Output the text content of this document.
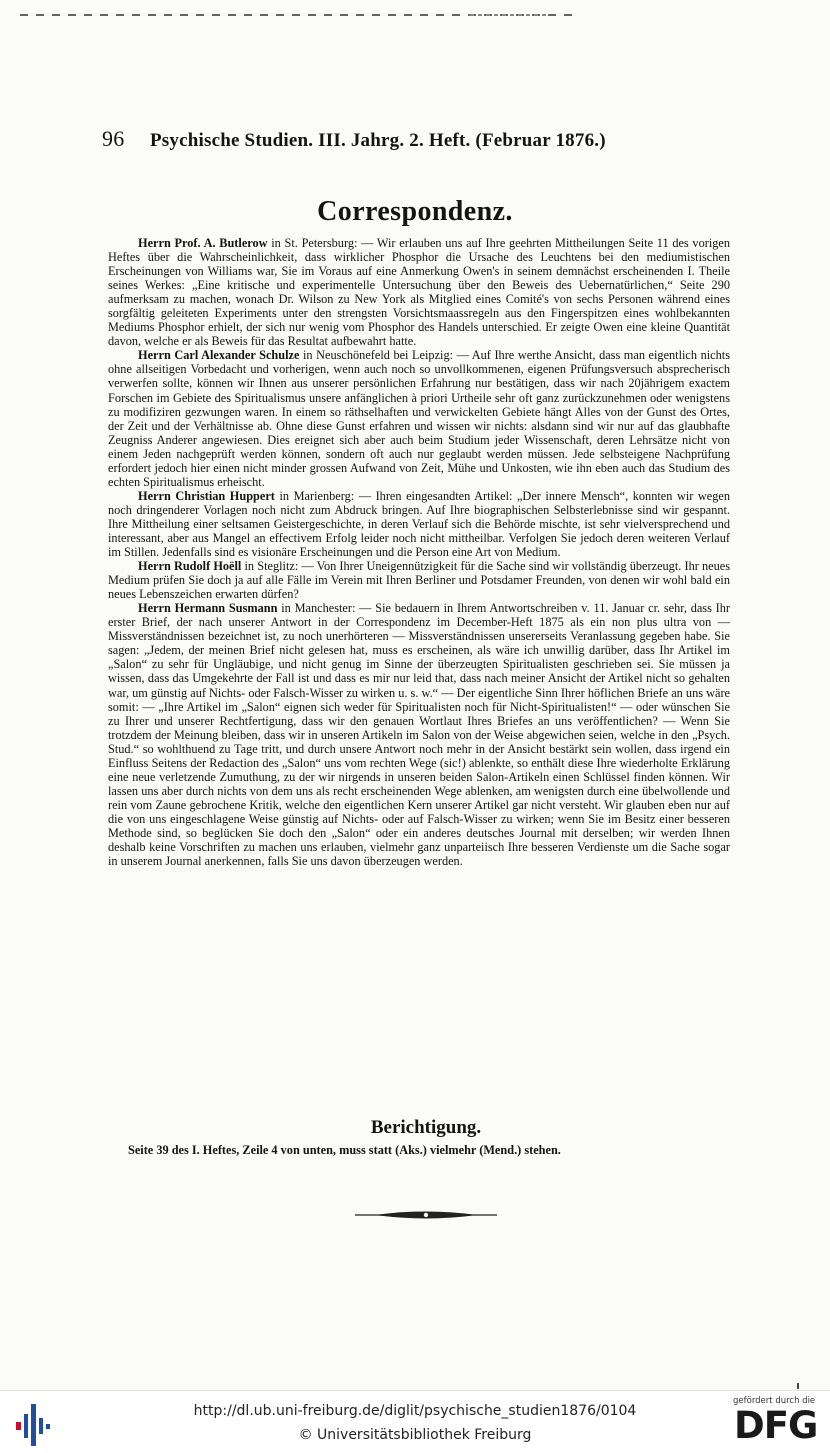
96	Psychische Studien. III. Jahrg. 2. Heft. (Februar 1876.)
Correspondenz.

Herrn Prof. A. Butlerow in St. Petersburg: — Wir erlauben uns auf Ihre geehrten Mittheilungen Seite 11 des vorigen Heftes über die Wahrscheinlichkeit, dass wirklicher Phosphor die Ursache des Leuchtens bei den mediumistischen Erscheinungen von Williams war, Sie im Voraus auf eine Anmerkung Owen's in seinem demnächst erscheinenden I. Theile seines Werkes: „Eine kritische und experimentelle Untersuchung über den Beweis des Uebernatürlichen,“ Seite 290 aufmerksam zu machen, wonach Dr. Wilson zu New York als Mitglied eines Comité's von sechs Personen während eines sorgfältig geleiteten Experiments unter den strengsten Vorsichtsmaassregeln aus den Fingerspitzen eines wohlbekannten Mediums Phosphor erhielt, der sich nur wenig vom Phosphor des Handels unterschied. Er zeigte Owen eine kleine Quantität davon, welche er als Beweis für das Resultat aufbewahrt hatte.

Herrn Carl Alexander Schulze in Neuschönefeld bei Leipzig: — Auf Ihre werthe Ansicht, dass man eigentlich nichts ohne allseitigen Vorbedacht und vorherigen, wenn auch noch so unvollkommenen, eigenen Prüfungsversuch absprecherisch verwerfen sollte, können wir Ihnen aus unserer persönlichen Erfahrung nur bestätigen, dass wir nach 20jährigem exactem Forschen im Gebiete des Spiritualismus unsere anfänglichen à priori Urtheile sehr oft ganz zurückzunehmen oder wenigstens zu modifiziren gezwungen waren. In einem so räthselhaften und verwickelten Gebiete hängt Alles von der Gunst des Ortes, der Zeit und der Verhältnisse ab. Ohne diese Gunst erfahren und wissen wir nichts: alsdann sind wir nur auf das glaubhafte Zeugniss Anderer angewiesen. Dies ereignet sich aber auch beim Studium jeder Wissenschaft, deren Lehrsätze nicht von einem Jeden nachgeprüft werden können, sondern oft auch nur geglaubt werden müssen. Jede selbsteigene Nachprüfung erfordert jedoch hier einen nicht minder grossen Aufwand von Zeit, Mühe und Unkosten, wie ihn eben auch das Studium des echten Spiritualismus erheischt.

Herrn Christian Huppert in Marienberg: — Ihren eingesandten Artikel: „Der innere Mensch“, konnten wir wegen noch dringenderer Vorlagen noch nicht zum Abdruck bringen. Auf Ihre biographischen Selbsterlebnisse sind wir gespannt. Ihre Mittheilung einer seltsamen Geistergeschichte, in deren Verlauf sich die Behörde mischte, ist sehr vielversprechend und interessant, aber aus Mangel an effectivem Erfolg leider noch nicht mittheilbar. Verfolgen Sie jedoch deren weiteren Verlauf im Stillen. Jedenfalls sind es visionäre Erscheinungen und die Person eine Art von Medium.

Herrn Rudolf Hoëll in Steglitz: — Von Ihrer Uneigennützigkeit für die Sache sind wir vollständig überzeugt. Ihr neues Medium prüfen Sie doch ja auf alle Fälle im Verein mit Ihren Berliner und Potsdamer Freunden, von denen wir wohl bald ein neues Lebenszeichen erwarten dürfen?

Herrn Hermann Susmann in Manchester: — Sie bedauern in Ihrem Antwortschreiben v. 11. Januar cr. sehr, dass Ihr erster Brief, der nach unserer Antwort in der Correspondenz im December-Heft 1875 als ein non plus ultra von — Missverständnissen bezeichnet ist, zu noch unerhörteren — Missverständnissen unsererseits Veranlassung gegeben habe. Sie sagen: „Jedem, der meinen Brief nicht gelesen hat, muss es erscheinen, als wäre ich unwillig darüber, dass Ihr Artikel im „Salon“ zu sehr für Ungläubige, und nicht genug im Sinne der überzeugten Spiritualisten geschrieben sei. Sie müssen ja wissen, dass das Umgekehrte der Fall ist und dass es mir nur leid that, dass nach meiner Ansicht der Artikel nicht so gehalten war, um günstig auf Nichts- oder Falsch-Wisser zu wirken u. s. w.“ — Der eigentliche Sinn Ihrer höflichen Briefe an uns wäre somit: — „Ihre Artikel im „Salon“ eignen sich weder für Spiritualisten noch für Nicht-Spiritualisten!“ — oder wünschen Sie zu Ihrer und unserer Rechtfertigung, dass wir den genauen Wortlaut Ihres Briefes an uns veröffentlichen? — Wenn Sie trotzdem der Meinung bleiben, dass wir in unseren Artikeln im Salon von der Weise abgewichen seien, welche in den „Psych. Stud.“ so wohlthuend zu Tage tritt, und durch unsere Antwort noch mehr in der Ansicht bestärkt sein wollen, dass irgend ein Einfluss Seitens der Redaction des „Salon“ uns vom rechten Wege (sic!) ablenkte, so enthält diese Ihre wiederholte Erklärung eine neue verletzende Zumuthung, zu der wir nirgends in unseren beiden Salon-Artikeln einen Schlüssel finden können. Wir lassen uns aber durch nichts von dem uns als recht erscheinenden Wege ablenken, am wenigsten durch eine übelwollende und rein vom Zaune gebrochene Kritik, welche den eigentlichen Kern unserer Artikel gar nicht versteht. Wir glauben eben nur auf die von uns eingeschlagene Weise günstig auf Nichts- oder auf Falsch-Wisser zu wirken; wenn Sie im Besitz einer besseren Methode sind, so beglücken Sie doch den „Salon“ oder ein anderes deutsches Journal mit derselben; wir werden Ihnen deshalb keine Vorschriften zu machen uns erlauben, vielmehr ganz unparteiisch Ihre besseren Verdienste um die Sache sogar in unserem Journal anerkennen, falls Sie uns davon überzeugen werden.

Berichtigung.
Seite 39 des I. Heftes, Zeile 4 von unten, muss statt (Aks.) vielmehr (Mend.) stehen.
http://dl.ub.uni-freiburg.de/diglit/psychische_studien1876/0104
© Universitätsbibliothek Freiburg
gefördert durch die
DFG
